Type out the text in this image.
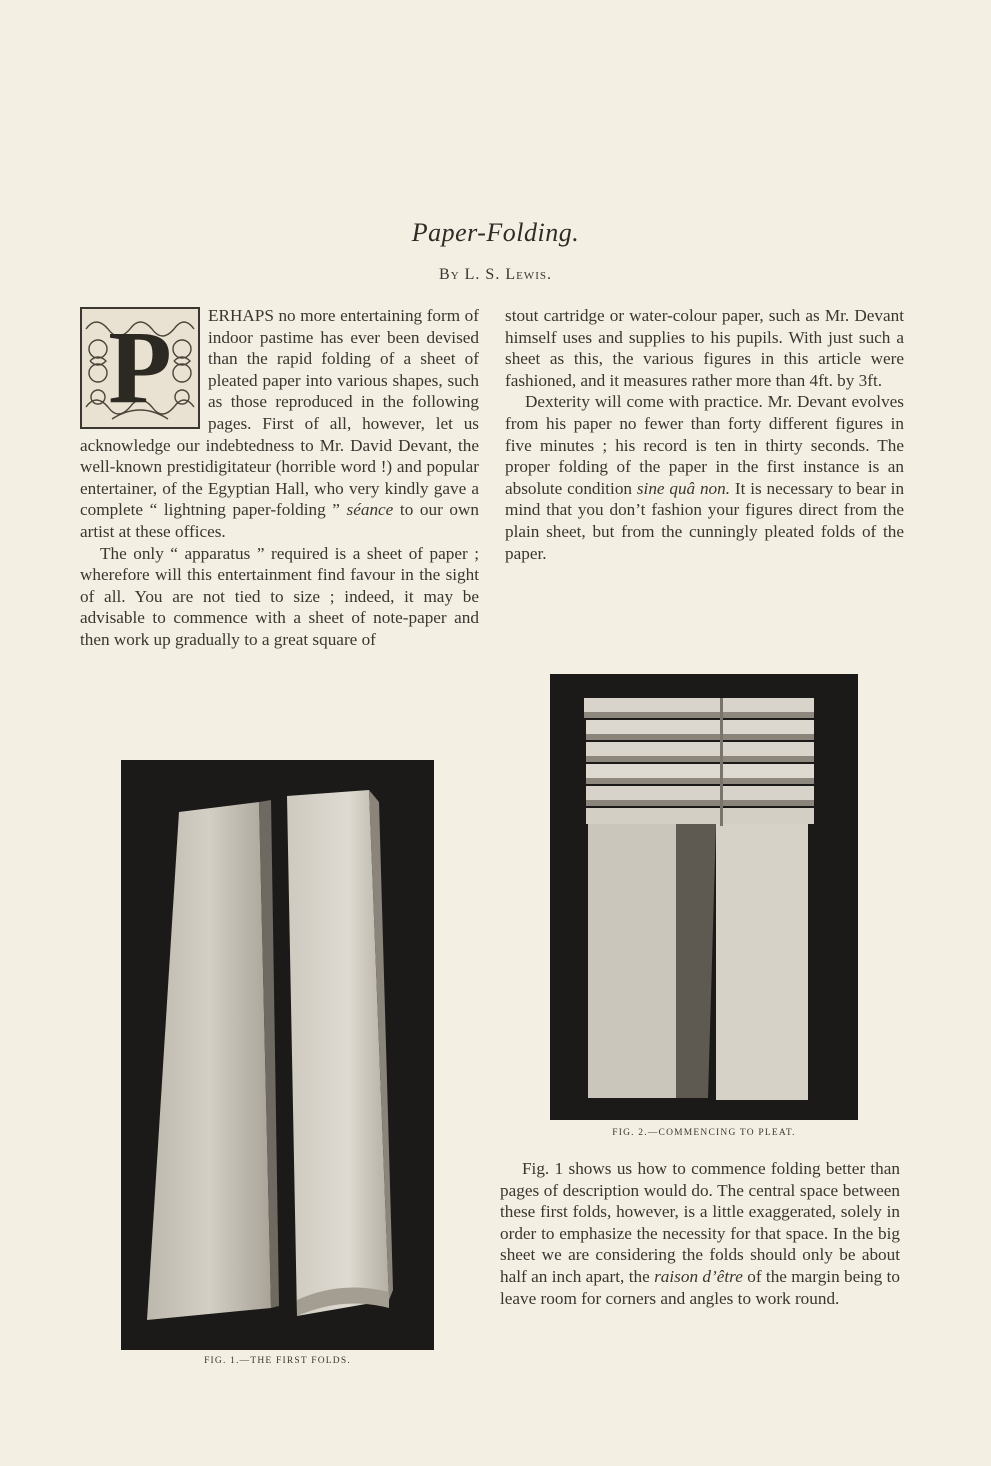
Paper-Folding.
By L. S. Lewis.

P	ERHAPS no more entertaining form of indoor pastime has ever been devised than the rapid folding of a sheet of pleated paper into various shapes, such as those reproduced in the following pages. First of all, however, let us acknowledge our indebtedness to Mr. David Devant, the well-known prestidigitateur (horrible word !) and popular entertainer, of the Egyptian Hall, who very kindly gave a complete “ lightning paper-folding ” séance to our own artist at these offices.

The only “ apparatus ” required is a sheet of paper ; wherefore will this entertainment find favour in the sight of all. You are not tied to size ; indeed, it may be advisable to commence with a sheet of note-paper and then work up gradually to a great square of

stout cartridge or water-colour paper, such as Mr. Devant himself uses and supplies to his pupils. With just such a sheet as this, the various figures in this article were fashioned, and it measures rather more than 4ft. by 3ft.

Dexterity will come with practice. Mr. Devant evolves from his paper no fewer than forty different figures in five minutes ; his record is ten in thirty seconds. The proper folding of the paper in the first instance is an absolute condition sine quâ non. It is necessary to bear in mind that you don’t fashion your figures direct from the plain sheet, but from the cunningly pleated folds of the paper.

FIG. 1.—THE FIRST FOLDS.
FIG. 2.—COMMENCING TO PLEAT.

Fig. 1 shows us how to commence folding better than pages of description would do. The central space between these first folds, however, is a little exaggerated, solely in order to emphasize the necessity for that space. In the big sheet we are considering the folds should only be about half an inch apart, the raison d’être of the margin being to leave room for corners and angles to work round.
